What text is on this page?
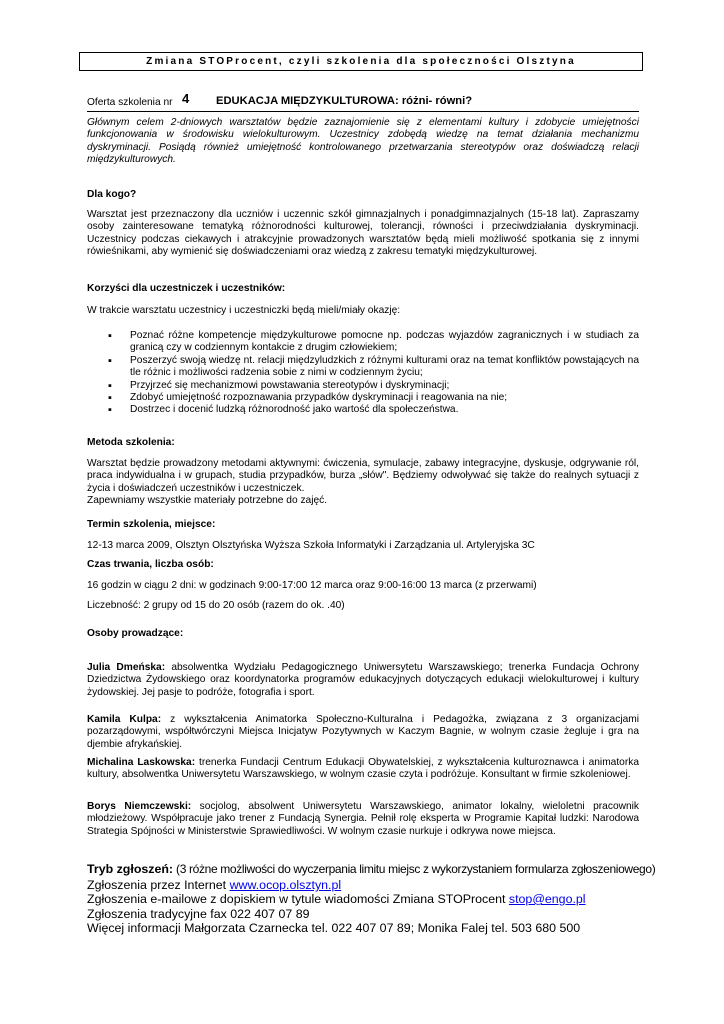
Zmiana STOProcent, czyli szkolenia dla społeczności Olsztyna
Oferta szkolenia nr 4 EDUKACJA MIĘDZYKULTUROWA: różni- równi?
Głównym celem 2-dniowych warsztatów będzie zaznajomienie się z elementami kultury i zdobycie umiejętności funkcjonowania w środowisku wielokulturowym. Uczestnicy zdobędą wiedzę na temat działania mechanizmu dyskryminacji. Posiądą również umiejętność kontrolowanego przetwarzania stereotypów oraz doświadczą relacji międzykulturowych.
Dla kogo?
Warsztat jest przeznaczony dla uczniów i uczennic szkół gimnazjalnych i ponadgimnazjalnych (15-18 lat). Zapraszamy osoby zainteresowane tematyką różnorodności kulturowej, tolerancji, równości i przeciwdziałania dyskryminacji. Uczestnicy podczas ciekawych i atrakcyjnie prowadzonych warsztatów będą mieli możliwość spotkania się z innymi rówieśnikami, aby wymienić się doświadczeniami oraz wiedzą z zakresu tematyki międzykulturowej.
Korzyści dla uczestniczek i uczestników:
W trakcie warsztatu uczestnicy i uczestniczki będą mieli/miały okazję:
▪ Poznać różne kompetencje międzykulturowe pomocne np. podczas wyjazdów zagranicznych i w studiach za granicą czy w codziennym kontakcie z drugim człowiekiem;
▪ Poszerzyć swoją wiedzę nt. relacji międzyludzkich z różnymi kulturami oraz na temat konfliktów powstających na tle różnic i możliwości radzenia sobie z nimi w codziennym życiu;
▪ Przyjrzeć się mechanizmowi powstawania stereotypów i dyskryminacji;
▪ Zdobyć umiejętność rozpoznawania przypadków dyskryminacji i reagowania na nie;
▪ Dostrzec i docenić ludzką różnorodność jako wartość dla społeczeństwa.
Metoda szkolenia:
Warsztat będzie prowadzony metodami aktywnymi: ćwiczenia, symulacje, zabawy integracyjne, dyskusje, odgrywanie ról, praca indywidualna i w grupach, studia przypadków, burza „słów". Będziemy odwoływać się także do realnych sytuacji z życia i doświadczeń uczestników i uczestniczek.
Zapewniamy wszystkie materiały potrzebne do zajęć.
Termin szkolenia, miejsce:
12-13 marca 2009, Olsztyn Olsztyńska Wyższa Szkoła Informatyki i Zarządzania ul. Artyleryjska 3C
Czas trwania, liczba osób:
16 godzin w ciągu 2 dni: w godzinach 9:00-17:00 12 marca oraz 9:00-16:00 13 marca (z przerwami)
Liczebność: 2 grupy od 15 do 20 osób (razem do ok. .40)
Osoby prowadzące:
Julia Dmeńska: absolwentka Wydziału Pedagogicznego Uniwersytetu Warszawskiego; trenerka Fundacja Ochrony Dziedzictwa Żydowskiego oraz koordynatorka programów edukacyjnych dotyczących edukacji wielokulturowej i kultury żydowskiej. Jej pasje to podróże, fotografia i sport.
Kamila Kulpa: z wykształcenia Animatorka Społeczno-Kulturalna i Pedagożka, związana z 3 organizacjami pozarządowymi, współtwórczyni Miejsca Inicjatyw Pozytywnych w Kaczym Bagnie, w wolnym czasie żegluje i gra na djembie afrykańskiej.
Michalina Laskowska: trenerka Fundacji Centrum Edukacji Obywatelskiej, z wykształcenia kulturoznawca i animatorka kultury, absolwentka Uniwersytetu Warszawskiego, w wolnym czasie czyta i podróżuje. Konsultant w firmie szkoleniowej.
Borys Niemczewski: socjolog, absolwent Uniwersytetu Warszawskiego, animator lokalny, wieloletni pracownik młodzieżowy. Współpracuje jako trener z Fundacją Synergia. Pełnił rolę eksperta w Programie Kapitał ludzki: Narodowa Strategia Spójności w Ministerstwie Sprawiedliwości. W wolnym czasie nurkuje i odkrywa nowe miejsca.
Tryb zgłoszeń: (3 różne możliwości do wyczerpania limitu miejsc z wykorzystaniem formularza zgłoszeniowego)
Zgłoszenia przez Internet www.ocop.olsztyn.pl
Zgłoszenia e-mailowe z dopiskiem w tytule wiadomości Zmiana STOProcent stop@engo.pl
Zgłoszenia tradycyjne fax 022 407 07 89
Więcej informacji Małgorzata Czarnecka tel. 022 407 07 89; Monika Falej tel. 503 680 500
